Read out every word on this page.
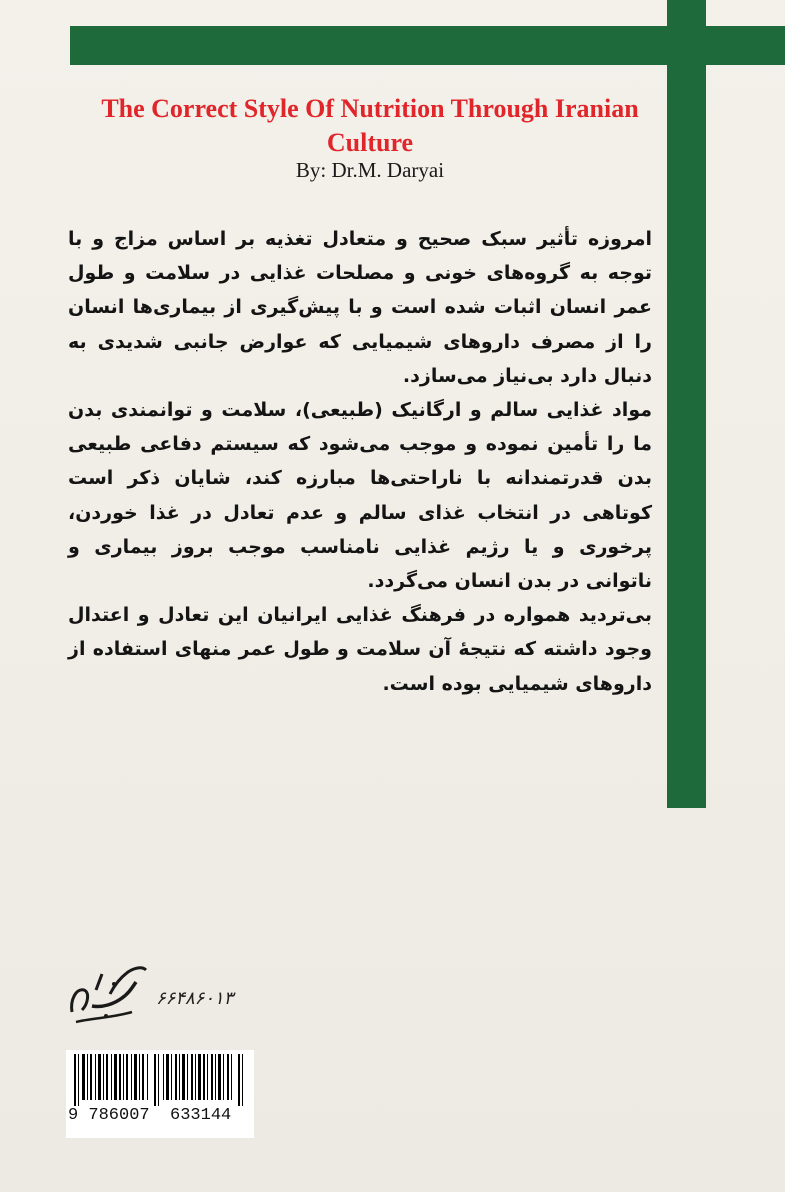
The Correct Style Of Nutrition Through Iranian Culture
By: Dr.M. Daryai

امروزه تأثیر سبک صحیح و متعادل تغذیه بر اساس مزاج و با توجه به گروه‌های خونی و مصلحات غذایی در سلامت و طول عمر انسان اثبات شده است و با پیش‌گیری از بیماری‌ها انسان را از مصرف داروهای شیمیایی که عوارض جانبی شدیدی به دنبال دارد بی‌نیاز می‌سازد.

مواد غذایی سالم و ارگانیک (طبیعی)، سلامت و توانمندی بدن ما را تأمین نموده و موجب می‌شود که سیستم دفاعی طبیعی بدن قدرتمندانه با ناراحتی‌ها مبارزه کند، شایان ذکر است کوتاهی در انتخاب غذای سالم و عدم تعادل در غذا خوردن، پرخوری و یا رژیم غذایی نامناسب موجب بروز بیماری و ناتوانی در بدن انسان می‌گردد.

بی‌تردید همواره در فرهنگ غذایی ایرانیان این تعادل و اعتدال وجود داشته که نتیجهٔ آن سلامت و طول عمر منهای استفاده از داروهای شیمیایی بوده است.

۶۶۴۸۶۰۱۳
9 786007  633144
